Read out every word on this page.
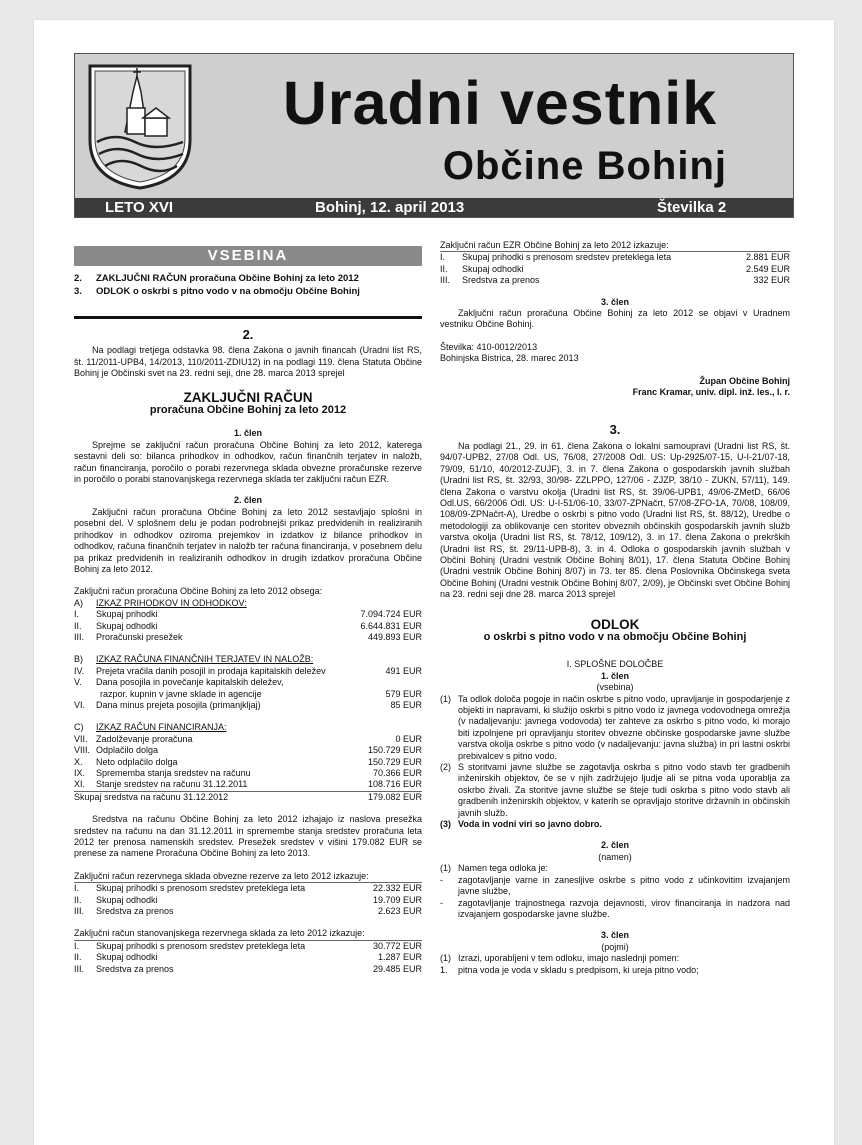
Uradni vestnik
Občine Bohinj
LETO XVI	Bohinj, 12. april 2013	Številka 2
VSEBINA
2.	ZAKLJUČNI RAČUN proračuna Občine Bohinj za leto 2012
3.	ODLOK o oskrbi s pitno vodo v na območju Občine Bohinj
2.

Na podlagi tretjega odstavka 98. člena Zakona o javnih financah (Uradni list RS, št. 11/2011-UPB4, 14/2013, 110/2011-ZDIU12) in na podlagi 119. člena Statuta Občine Bohinj je Občinski svet na 23. redni seji, dne 28. marca 2013 sprejel

ZAKLJUČNI RAČUN
proračuna Občine Bohinj za leto 2012
1. člen

Sprejme se zaključni račun proračuna Občine Bohinj za leto 2012, katerega sestavni deli so: bilanca prihodkov in odhodkov, račun finančnih terjatev in naložb, račun financiranja, poročilo o porabi rezervnega sklada obvezne proračunske rezerve in poročilo o porabi stanovanjskega rezervnega sklada ter zaključni račun EZR.

2. člen

Zaključni račun proračuna Občine Bohinj za leto 2012 sestavljajo splošni in posebni del. V splošnem delu je podan podrobnejši prikaz predvidenih in realiziranih prihodkov in odhodkov oziroma prejemkov in izdatkov iz bilance prihodkov in odhodkov, računa finančnih terjatev in naložb ter računa financiranja, v posebnem delu pa prikaz predvidenih in realiziranih odhodkov in drugih izdatkov proračuna Občine Bohinj za leto 2012.

Zaključni račun proračuna Občine Bohinj za leto 2012 obsega:

A)	IZKAZ PRIHODKOV IN ODHODKOV:
I.	Skupaj prihodki	7.094.724 EUR
II.	Skupaj odhodki	6.644.831 EUR
III.	Proračunski presežek	449.893 EUR
B)	IZKAZ RAČUNA FINANČNIH TERJATEV IN NALOŽB:
IV.	Prejeta vračila danih posojil in prodaja kapitalskih deležev	491 EUR
V.	Dana posojila in povečanje kapitalskih deležev,
razpor. kupnin v javne sklade in agencije	579 EUR
VI.	Dana minus prejeta posojila (primanjkljaj)	85 EUR
C)	IZKAZ RAČUN FINANCIRANJA:
VII. Zadolževanje proračuna	0 EUR
VIII. Odplačilo dolga	150.729 EUR
X.	Neto odplačilo dolga	150.729 EUR
IX.	Sprememba stanja sredstev na računu	70.366 EUR
XI.	Stanje sredstev na računu 31.12.2011	108.716 EUR
Skupaj sredstva na računu 31.12.2012	179.082 EUR

Sredstva na računu Občine Bohinj za leto 2012 izhajajo iz naslova presežka sredstev na računu na dan 31.12.2011 in spremembe stanja sredstev proračuna leta 2012 ter prenosa namenskih sredstev. Presežek sredstev v višini 179.082 EUR se prenese za namene Proračuna Občine Bohinj za leto 2013.

Zaključni račun rezervnega sklada obvezne rezerve za leto 2012 izkazuje:

I.	Skupaj prihodki s prenosom sredstev preteklega leta	22.332 EUR
II.	Skupaj odhodki	19.709 EUR
III.	Sredstva za prenos	2.623 EUR

Zaključni račun stanovanjskega rezervnega sklada za leto 2012 izkazuje:

I.	Skupaj prihodki s prenosom sredstev preteklega leta	30.772 EUR
II.	Skupaj odhodki	1.287 EUR
III.	Sredstva za prenos	29.485 EUR

Zaključni račun EZR Občine Bohinj za leto 2012 izkazuje:

I.	Skupaj prihodki s prenosom sredstev preteklega leta	2.881 EUR
II.	Skupaj odhodki	2.549 EUR
III.	Sredstva za prenos	332 EUR
3. člen

Zaključni račun proračuna Občine Bohinj za leto 2012 se objavi v Uradnem vestniku Občine Bohinj.

Številka: 410-0012/2013

Bohinjska Bistrica, 28. marec 2013

Župan Občine Bohinj

Franc Kramar, univ. dipl. inž. les., l. r.

3.

Na podlagi 21., 29. in 61. člena Zakona o lokalni samoupravi (Uradni list RS, št. 94/07-UPB2, 27/08 Odl. US, 76/08, 27/2008 Odl. US: Up-2925/07-15, U-I-21/07-18, 79/09, 51/10, 40/2012-ZUJF), 3. in 7. člena Zakona o gospodarskih javnih službah (Uradni list RS, št. 32/93, 30/98- ZZLPPO, 127/06 - ZJZP, 38/10 - ZUKN, 57/11), 149. člena Zakona o varstvu okolja (Uradni list RS, št. 39/06-UPB1, 49/06-ZMetD, 66/06 Odl.US, 66/2006 Odl. US: U-I-51/06-10, 33/07-ZPNačrt, 57/08-ZFO-1A, 70/08, 108/09, 108/09-ZPNačrt-A), Uredbe o oskrbi s pitno vodo (Uradni list RS, št. 88/12), Uredbe o metodologiji za oblikovanje cen storitev obveznih občinskih gospodarskih javnih služb varstva okolja (Uradni list RS, št. 78/12, 109/12), 3. in 17. člena Zakona o prekrških (Uradni list RS, št. 29/11-UPB-8), 3. in 4. Odloka o gospodarskih javnih službah v Občini Bohinj (Uradni vestnik Občine Bohinj 8/01), 17. člena Statuta Občine Bohinj (Uradni vestnik Občine Bohinj 8/07) in 73. ter 85. člena Poslovnika Občinskega sveta Občine Bohinj (Uradni vestnik Občine Bohinj 8/07, 2/09), je Občinski svet Občine Bohinj na 23. redni seji dne 28. marca 2013 sprejel

ODLOK
o oskrbi s pitno vodo v na območju Občine Bohinj
I. SPLOŠNE DOLOČBE
1. člen
(vsebina)
(1) Ta odlok določa pogoje in način oskrbe s pitno vodo, upravljanje in gospodarjenje z objekti in napravami, ki služijo oskrbi s pitno vodo iz javnega vodovodnega omrežja (v nadaljevanju: javnega vodovoda) ter zahteve za oskrbo s pitno vodo, ki morajo biti izpolnjene pri opravljanju storitev obvezne občinske gospodarske javne službe varstva okolja oskrbe s pitno vodo (v nadaljevanju: javna služba) in pri lastni oskrbi prebivalcev s pitno vodo.
(2) S storitvami javne službe se zagotavlja oskrba s pitno vodo stavb ter gradbenih inženirskih objektov, če se v njih zadržujejo ljudje ali se pitna voda uporablja za oskrbo živali. Za storitve javne službe se šteje tudi oskrba s pitno vodo stavb ali gradbenih inženirskih objektov, v katerih se opravljajo storitve državnih in občinskih javnih služb.
(3) Voda in vodni viri so javno dobro.
2. člen
(namen)
(1) Namen tega odloka je:
-	zagotavljanje varne in zanesljive oskrbe s pitno vodo z učinkovitim izvajanjem javne službe,
-	zagotavljanje trajnostnega razvoja dejavnosti, virov financiranja in nadzora nad izvajanjem gospodarske javne službe.
3. člen
(pojmi)
(1) Izrazi, uporabljeni v tem odloku, imajo naslednji pomen:
1.	pitna voda je voda v skladu s predpisom, ki ureja pitno vodo;
